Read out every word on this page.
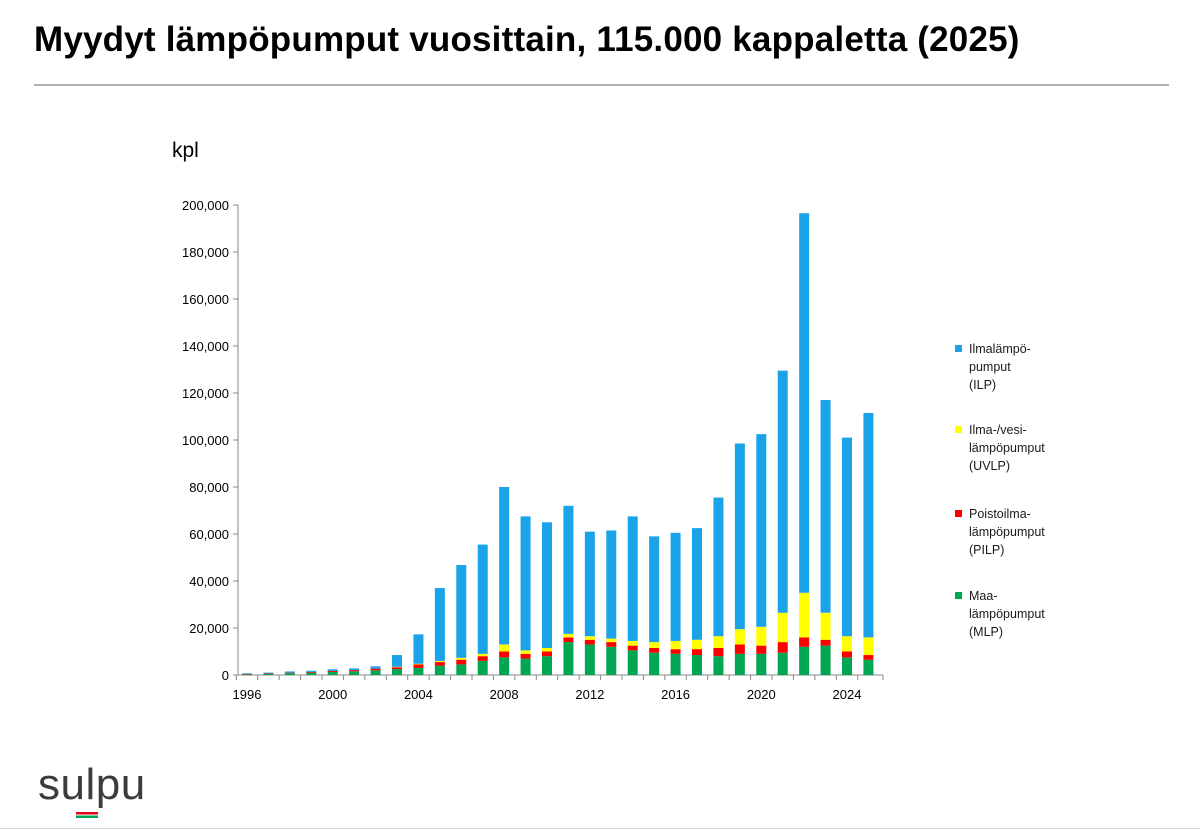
Myydyt lämpöpumput vuosittain, 115.000 kappaletta (2025)
kpl
0
20,000
40,000
60,000
80,000
100,000
120,000
140,000
160,000
180,000
200,000
1996	2000	2004	2008	2012	2016	2020	2024
Ilmalämpö-
pumput
(ILP)
Ilma-/vesi-
lämpöpumput
(UVLP)
Poistoilma-
lämpöpumput
(PILP)
Maa-
lämpöpumput
(MLP)
sulpu
